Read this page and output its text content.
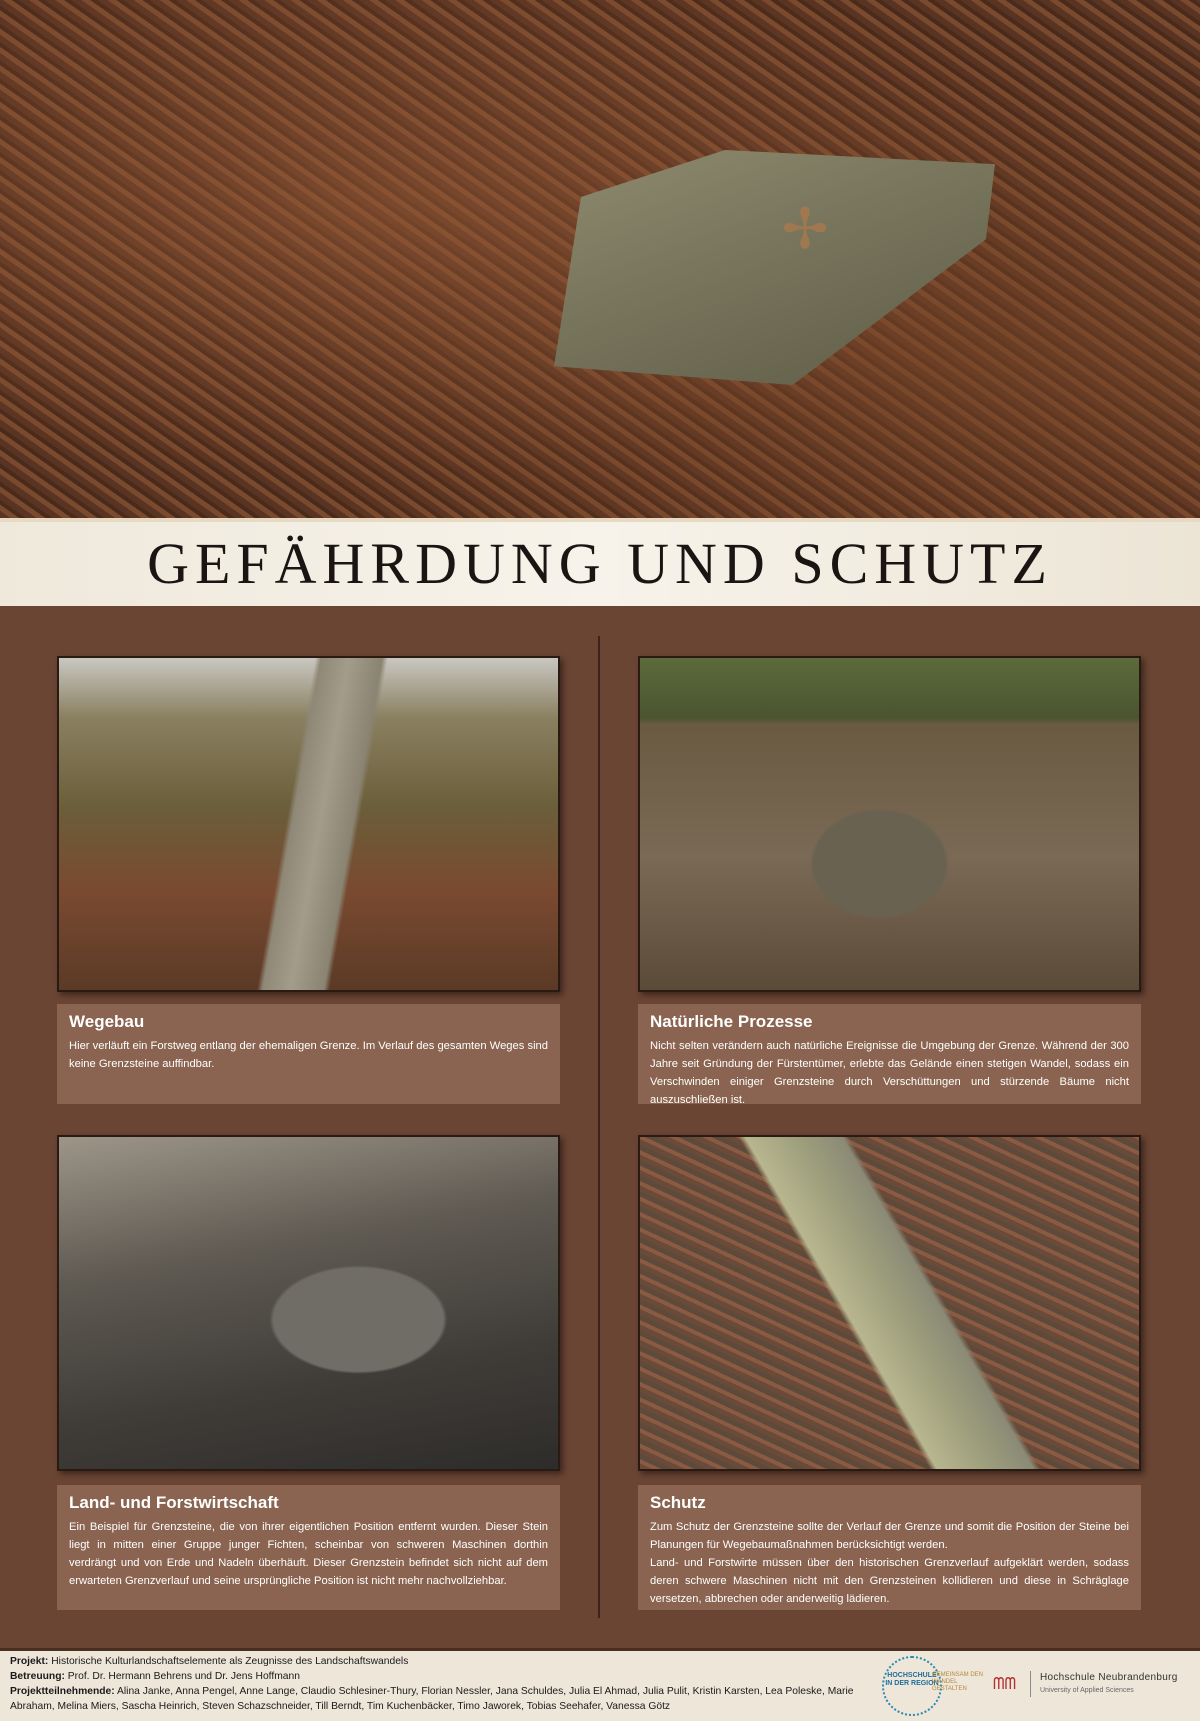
✢
GEFÄHRDUNG UND SCHUTZ
Wegebau

Hier verläuft ein Forstweg entlang der ehemaligen Grenze. Im Verlauf des gesamten Weges sind keine Grenzsteine auffindbar.

Natürliche Prozesse

Nicht selten verändern auch natürliche Ereignisse die Umgebung der Grenze. Während der 300 Jahre seit Gründung der Fürstentümer, erlebte das Gelände einen stetigen Wandel, sodass ein Verschwinden einiger Grenzsteine durch Verschüttungen und stürzende Bäume nicht auszuschließen ist.

Land- und Forstwirtschaft

Ein Beispiel für Grenzsteine, die von ihrer eigentlichen Position entfernt wurden. Dieser Stein liegt in mitten einer Gruppe junger Fichten, scheinbar von schweren Maschinen dorthin verdrängt und von Erde und Nadeln überhäuft. Dieser Grenzstein befindet sich nicht auf dem erwarteten Grenzverlauf und seine ursprüngliche Position ist nicht mehr nachvollziehbar.

Schutz

Zum Schutz der Grenzsteine sollte der Verlauf der Grenze und somit die Position der Steine bei Planungen für Wegebaumaßnahmen berücksichtigt werden.

Land- und Forstwirte müssen über den historischen Grenzverlauf aufgeklärt werden, sodass deren schwere Maschinen nicht mit den Grenzsteinen kollidieren und diese in Schräglage versetzen, abbrechen oder anderweitig lädieren.

Projekt: Historische Kulturlandschaftselemente als Zeugnisse des Landschaftswandels
Betreuung: Prof. Dr. Hermann Behrens und Dr. Jens Hoffmann
Projektteilnehmende: Alina Janke, Anna Pengel, Anne Lange, Claudio Schlesiner-Thury, Florian Nessler, Jana Schuldes, Julia El Ahmad, Julia Pulit, Kristin Karsten, Lea Poleske, Marie Abraham, Melina Miers, Sascha Heinrich, Steven Schazschneider, Till Berndt, Tim Kuchenbäcker, Timo Jaworek, Tobias Seehafer, Vanessa Götz
HOCHSCHULE IN DER REGION
GEMEINSAM DEN WANDEL GESTALTEN	ᗰᗰ	Hochschule Neubrandenburg
University of Applied Sciences
